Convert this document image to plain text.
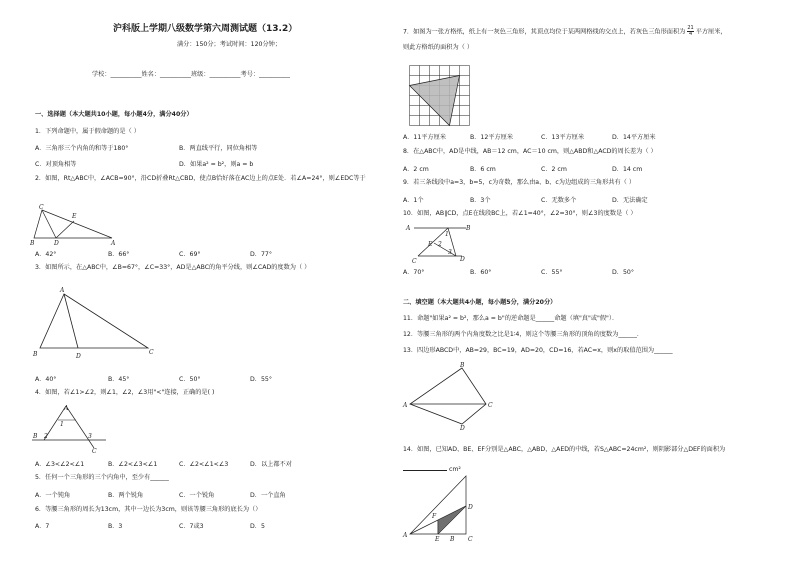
沪科版上学期八级数学第六周测试题（13.2）
满分：150分；考试时间：120分钟；
学校：__________姓名：__________班级：__________考号：__________
一、选择题（本大题共10小题，每小题4分，满分40分）
1．下列命题中，属于假命题的是（ ）
A．三角形三个内角的和等于180°	B．两直线平行，同位角相等
C．对顶角相等	D．如果a² = b²，则a = b
2．如图，Rt△ABC中，∠ACB=90°，沿CD折叠Rt△CBD，使点B恰好落在AC边上的点E处．若∠A=24°，则∠EDC等于
C
E
B	D	A
A．42°	B．66°	C．69°	D．77°
3．如图所示，在△ABC中，∠B=67°，∠C=33°，AD是△ABC的角平分线，则∠CAD的度数为（ ）
A
B	D
C
A．40°	B．45°	C．50°	D．55°
4．如图，若∠1>∠2，则∠1，∠2，∠3用"<"连接，正确的是( )
A
1
B 2	3
C
A．∠3<∠2<∠1	B．∠2<∠3<∠1	C．∠2<∠1<∠3	D．以上都不对
5．任何一个三角形的三个内角中，至少有______
A．一个钝角	B．两个锐角	C．一个锐角	D．一个直角
6．等腰三角形的周长为13cm，其中一边长为3cm，则该等腰三角形的底长为（）
A．7	B．3	C．7或3	D．5
7．如图为一张方格纸，纸上有一灰色三角形，其顶点均位于某两网格线的交点上，若灰色三角形面积为 $\frac{21}{4}$ 平方厘米，
则此方格纸的面积为（ ）
A．11平方厘米	B．12平方厘米	C．13平方厘米	D．14平方厘米
8．在△ABC中，AD是中线，AB＝12 cm，AC＝10 cm，则△ABD和△ACD的周长差为（ ）
A．2 cm	B．6 cm	C．2 cm	D．14 cm
9．若三条线段中a=3，b=5，c为奇数，那么由a、b、c为边组成的三角形共有（ ）
A．1个	B．3个	C．无数多个	D．无法确定
10．如图，AB∥CD，点E在线段BC上，若∠1=40°，∠2=30°，则∠3的度数是（ ）
A	B
E
C	D
1
2
3
A．70°	B．60°	C．55°	D．50°
二、填空题（本大题共4小题，每小题5分，满分20分）
11．命题"如果a² = b²，那么a = b"的逆命题是______命题（填"真"或"假"）．
12．等腰三角形的两个内角度数之比是1∶4，则这个等腰三角形的顶角的度数为______．
13．四边形ABCD中，AB=29，BC=19，AD=20，CD=16，若AC=x，则x的取值范围为______
B
A	C
D
14．如图，已知AD、BE、EF分别是△ABC，△ABD，△AED的中线，若S△ABC=24cm²，则阴影部分△DEF的面积为
cm²
D
F
A
E B C
